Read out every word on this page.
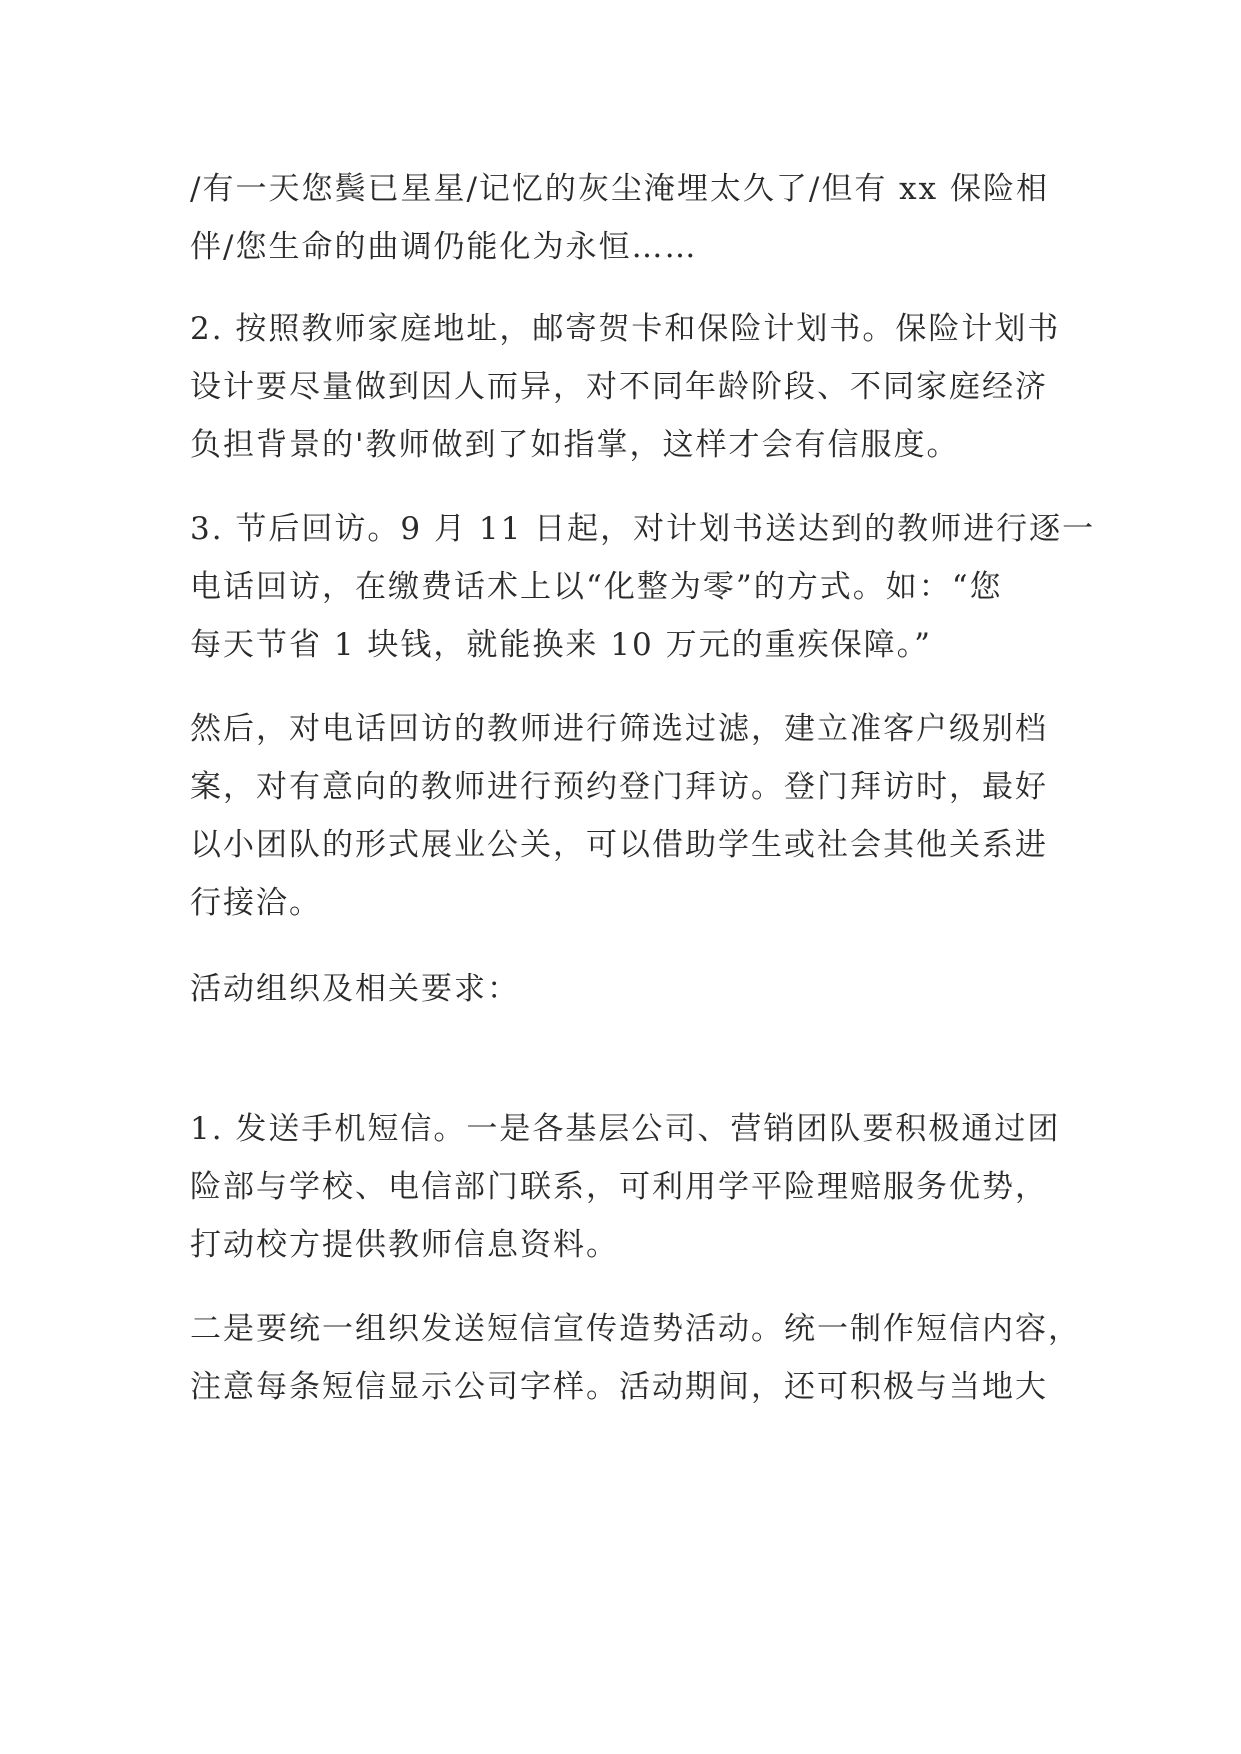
/有一天您鬓已星星/记忆的灰尘淹埋太久了/但有 xx 保险相
伴/您生命的曲调仍能化为永恒……
2. 按照教师家庭地址，邮寄贺卡和保险计划书。保险计划书
设计要尽量做到因人而异，对不同年龄阶段、不同家庭经济
负担背景的'教师做到了如指掌，这样才会有信服度。
3. 节后回访。9 月 11 日起，对计划书送达到的教师进行逐一
电话回访，在缴费话术上以“化整为零”的方式。如：“您
每天节省 1 块钱，就能换来 10 万元的重疾保障。”
然后，对电话回访的教师进行筛选过滤，建立准客户级别档
案，对有意向的教师进行预约登门拜访。登门拜访时，最好
以小团队的形式展业公关，可以借助学生或社会其他关系进
行接洽。
活动组织及相关要求：
1. 发送手机短信。一是各基层公司、营销团队要积极通过团
险部与学校、电信部门联系，可利用学平险理赔服务优势，
打动校方提供教师信息资料。
二是要统一组织发送短信宣传造势活动。统一制作短信内容，
注意每条短信显示公司字样。活动期间，还可积极与当地大
